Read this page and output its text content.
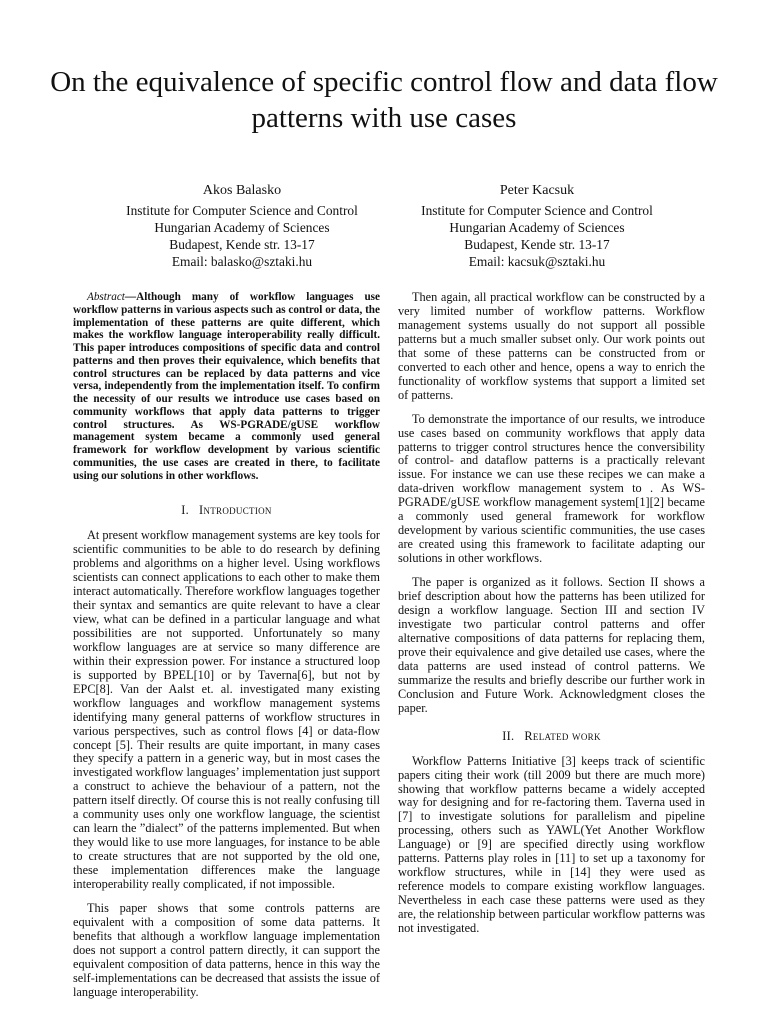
On the equivalence of specific control flow and data flow patterns with use cases
Akos Balasko
Institute for Computer Science and Control
Hungarian Academy of Sciences
Budapest, Kende str. 13-17
Email: balasko@sztaki.hu
Peter Kacsuk
Institute for Computer Science and Control
Hungarian Academy of Sciences
Budapest, Kende str. 13-17
Email: kacsuk@sztaki.hu
Abstract—Although many of workflow languages use workflow patterns in various aspects such as control or data, the implementation of these patterns are quite different, which makes the workflow language interoperability really difficult. This paper introduces compositions of specific data and control patterns and then proves their equivalence, which benefits that control structures can be replaced by data patterns and vice versa, independently from the implementation itself. To confirm the necessity of our results we introduce use cases based on community workflows that apply data patterns to trigger control structures. As WS-PGRADE/gUSE workflow management system became a commonly used general framework for workflow development by various scientific communities, the use cases are created in there, to facilitate using our solutions in other workflows.
I. Introduction

At present workflow management systems are key tools for scientific communities to be able to do research by defining problems and algorithms on a higher level. Using workflows scientists can connect applications to each other to make them interact automatically. Therefore workflow languages together their syntax and semantics are quite relevant to have a clear view, what can be defined in a particular language and what possibilities are not supported. Unfortunately so many workflow languages are at service so many difference are within their expression power. For instance a structured loop is supported by BPEL[10] or by Taverna[6], but not by EPC[8]. Van der Aalst et. al. investigated many existing workflow languages and workflow management systems identifying many general patterns of workflow structures in various perspectives, such as control flows [4] or data-flow concept [5]. Their results are quite important, in many cases they specify a pattern in a generic way, but in most cases the investigated workflow languages’ implementation just support a construct to achieve the behaviour of a pattern, not the pattern itself directly. Of course this is not really confusing till a community uses only one workflow language, the scientist can learn the ”dialect” of the patterns implemented. But when they would like to use more languages, for instance to be able to create structures that are not supported by the old one, these implementation differences make the language interoperability really complicated, if not impossible.

This paper shows that some controls patterns are equivalent with a composition of some data patterns. It benefits that although a workflow language implementation does not support a control pattern directly, it can support the equivalent composition of data patterns, hence in this way the self-implementations can be decreased that assists the issue of language interoperability.

Then again, all practical workflow can be constructed by a very limited number of workflow patterns. Workflow management systems usually do not support all possible patterns but a much smaller subset only. Our work points out that some of these patterns can be constructed from or converted to each other and hence, opens a way to enrich the functionality of workflow systems that support a limited set of patterns.

To demonstrate the importance of our results, we introduce use cases based on community workflows that apply data patterns to trigger control structures hence the conversibility of control- and dataflow patterns is a practically relevant issue. For instance we can use these recipes we can make a data-driven workflow management system to . As WS-PGRADE/gUSE workflow management system[1][2] became a commonly used general framework for workflow development by various scientific communities, the use cases are created using this framework to facilitate adapting our solutions in other workflows.

The paper is organized as it follows. Section II shows a brief description about how the patterns has been utilized for design a workflow language. Section III and section IV investigate two particular control patterns and offer alternative compositions of data patterns for replacing them, prove their equivalence and give detailed use cases, where the data patterns are used instead of control patterns. We summarize the results and briefly describe our further work in Conclusion and Future Work. Acknowledgment closes the paper.

II. Related work

Workflow Patterns Initiative [3] keeps track of scientific papers citing their work (till 2009 but there are much more) showing that workflow patterns became a widely accepted way for designing and for re-factoring them. Taverna used in [7] to investigate solutions for parallelism and pipeline processing, others such as YAWL(Yet Another Workflow Language) or [9] are specified directly using workflow patterns. Patterns play roles in [11] to set up a taxonomy for workflow structures, while in [14] they were used as reference models to compare existing workflow languages. Nevertheless in each case these patterns were used as they are, the relationship between particular workflow patterns was not investigated.
